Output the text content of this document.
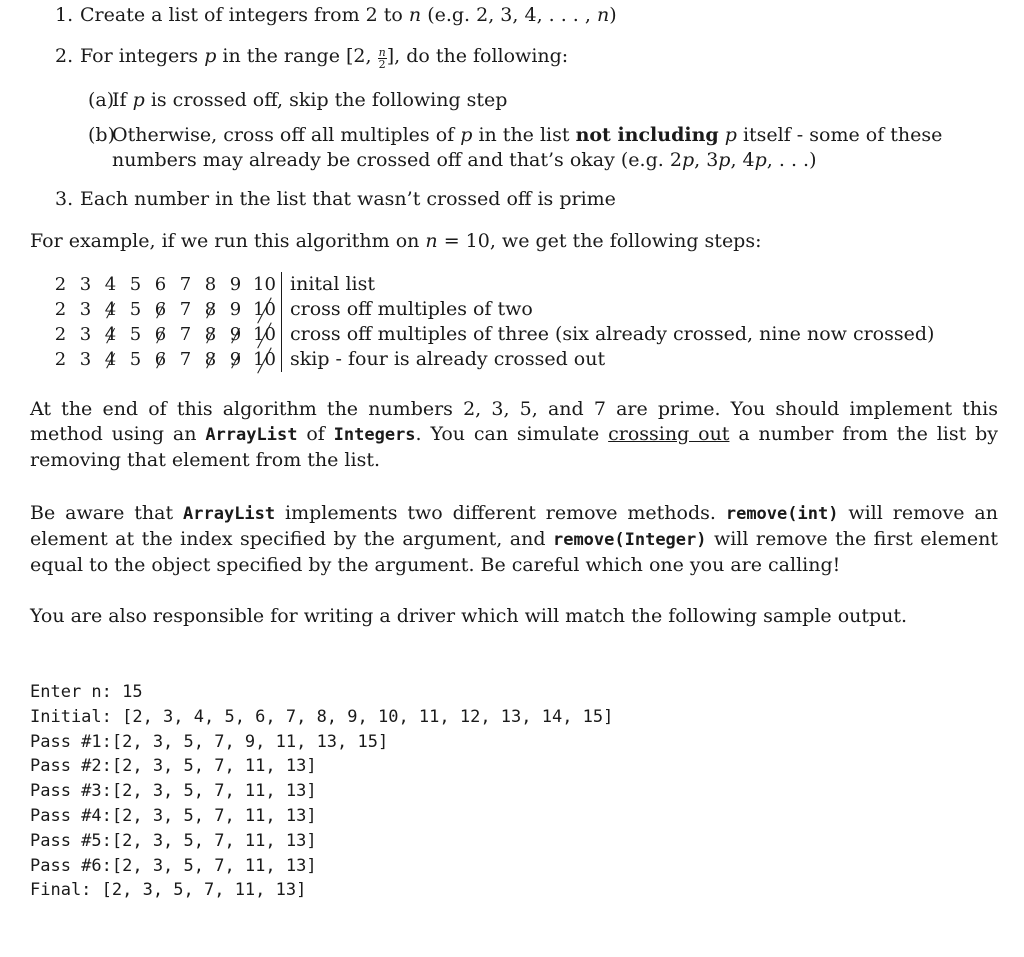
1. Create a list of integers from 2 to n (e.g. 2, 3, 4, . . . , n)
2. For integers p in the range [2, $\frac{n}{2}$ ], do the following:
(a)
If p is crossed off, skip the following step
(b)
Otherwise, cross off all multiples of p in the list not including p itself - some of these numbers may already be crossed off and that’s okay (e.g. 2p, 3p, 4p, . . .)
3. Each number in the list that wasn’t crossed off is prime
For example, if we run this algorithm on n = 10, we get the following steps:
2	3	4	5	6	7	8	9	10	inital list
2	3	4	5	6	7	8	9	10	cross off multiples of two
2	3	4	5	6	7	8	9	10	cross off multiples of three (six already crossed, nine now crossed)
2	3	4	5	6	7	8	9	10	skip - four is already crossed out
At the end of this algorithm the numbers 2, 3, 5, and 7 are prime. You should implement this method using an ArrayList of Integers. You can simulate crossing out a number from the list by removing that element from the list.
Be aware that ArrayList implements two different remove methods. remove(int) will remove an element at the index specified by the argument, and remove(Integer) will remove the first element equal to the object specified by the argument. Be careful which one you are calling!
You are also responsible for writing a driver which will match the following sample output.
Enter n: 15
Initial: [2, 3, 4, 5, 6, 7, 8, 9, 10, 11, 12, 13, 14, 15]
Pass #1:[2, 3, 5, 7, 9, 11, 13, 15]
Pass #2:[2, 3, 5, 7, 11, 13]
Pass #3:[2, 3, 5, 7, 11, 13]
Pass #4:[2, 3, 5, 7, 11, 13]
Pass #5:[2, 3, 5, 7, 11, 13]
Pass #6:[2, 3, 5, 7, 11, 13]
Final: [2, 3, 5, 7, 11, 13]
